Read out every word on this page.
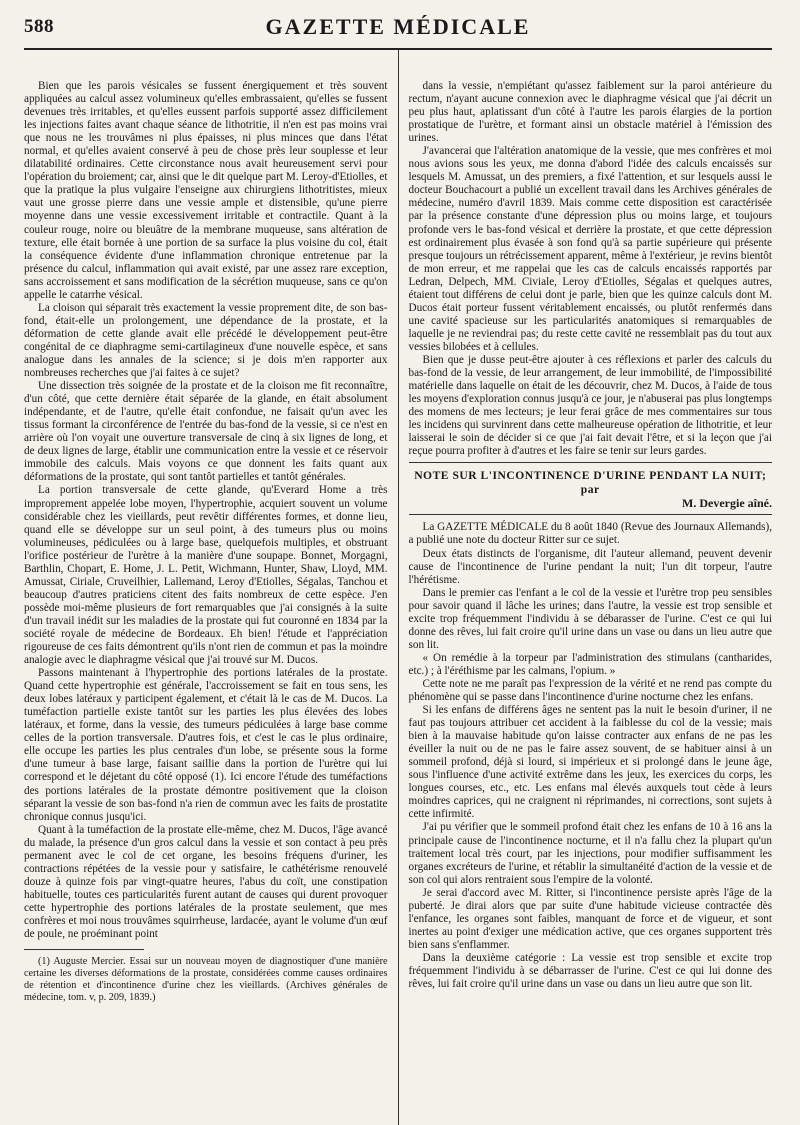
588	GAZETTE MÉDICALE

Bien que les parois vésicales se fussent énergiquement et très souvent appliquées au calcul assez volumineux qu'elles embrassaient, qu'elles se fussent devenues très irritables, et qu'elles eussent parfois supporté assez difficilement les injections faites avant chaque séance de lithotritie, il n'en est pas moins vrai que nous ne les trouvâmes ni plus épaisses, ni plus minces que dans l'état normal, et qu'elles avaient conservé à peu de chose près leur souplesse et leur dilatabilité ordinaires. Cette circonstance nous avait heureusement servi pour l'opération du broiement; car, ainsi que le dit quelque part M. Leroy-d'Etiolles, et que la pratique la plus vulgaire l'enseigne aux chirurgiens lithotritistes, mieux vaut une grosse pierre dans une vessie ample et distensible, qu'une pierre moyenne dans une vessie excessivement irritable et contractile. Quant à la couleur rouge, noire ou bleuâtre de la membrane muqueuse, sans altération de texture, elle était bornée à une portion de sa surface la plus voisine du col, était la conséquence évidente d'une inflammation chronique entretenue par la présence du calcul, inflammation qui avait existé, par une assez rare exception, sans accroissement et sans modification de la sécrétion muqueuse, sans ce qu'on appelle le catarrhe vésical.

La cloison qui séparait très exactement la vessie proprement dite, de son bas-fond, était-elle un prolongement, une dépendance de la prostate, et la déformation de cette glande avait elle précédé le développement peut-être congénital de ce diaphragme semi-cartilagineux d'une nouvelle espèce, et sans analogue dans les annales de la science; si je dois m'en rapporter aux nombreuses recherches que j'ai faites à ce sujet?

Une dissection très soignée de la prostate et de la cloison me fit reconnaître, d'un côté, que cette dernière était séparée de la glande, en était absolument indépendante, et de l'autre, qu'elle était confondue, ne faisait qu'un avec les tissus formant la circonférence de l'entrée du bas-fond de la vessie, si ce n'est en arrière où l'on voyait une ouverture transversale de cinq à six lignes de long, et de deux lignes de large, établir une communication entre la vessie et ce réservoir immobile des calculs. Mais voyons ce que donnent les faits quant aux déformations de la prostate, qui sont tantôt partielles et tantôt générales.

La portion transversale de cette glande, qu'Everard Home a très improprement appelée lobe moyen, l'hypertrophie, acquiert souvent un volume considérable chez les vieillards, peut revêtir différentes formes, et donne lieu, quand elle se développe sur un seul point, à des tumeurs plus ou moins volumineuses, pédiculées ou à large base, quelquefois multiples, et obstruant l'orifice postérieur de l'urètre à la manière d'une soupape. Bonnet, Morgagni, Barthlin, Chopart, E. Home, J. L. Petit, Wichmann, Hunter, Shaw, Lloyd, MM. Amussat, Ciriale, Cruveilhier, Lallemand, Leroy d'Etiolles, Ségalas, Tanchou et beaucoup d'autres praticiens citent des faits nombreux de cette espèce. J'en possède moi-même plusieurs de fort remarquables que j'ai consignés à la suite d'un travail inédit sur les maladies de la prostate qui fut couronné en 1834 par la société royale de médecine de Bordeaux. Eh bien! l'étude et l'appréciation rigoureuse de ces faits démontrent qu'ils n'ont rien de commun et pas la moindre analogie avec le diaphragme vésical que j'ai trouvé sur M. Ducos.

Passons maintenant à l'hypertrophie des portions latérales de la prostate. Quand cette hypertrophie est générale, l'accroissement se fait en tous sens, les deux lobes latéraux y participent également, et c'était là le cas de M. Ducos. La tuméfaction partielle existe tantôt sur les parties les plus élevées des lobes latéraux, et forme, dans la vessie, des tumeurs pédiculées à large base comme celles de la portion transversale. D'autres fois, et c'est le cas le plus ordinaire, elle occupe les parties les plus centrales d'un lobe, se présente sous la forme d'une tumeur à base large, faisant saillie dans la portion de l'urètre qui lui correspond et le déjetant du côté opposé (1). Ici encore l'étude des tuméfactions des portions latérales de la prostate démontre positivement que la cloison séparant la vessie de son bas-fond n'a rien de commun avec les faits de prostatite chronique connus jusqu'ici.

Quant à la tuméfaction de la prostate elle-même, chez M. Ducos, l'âge avancé du malade, la présence d'un gros calcul dans la vessie et son contact à peu près permanent avec le col de cet organe, les besoins fréquens d'uriner, les contractions répétées de la vessie pour y satisfaire, le cathétérisme renouvelé douze à quinze fois par vingt-quatre heures, l'abus du coït, une constipation habituelle, toutes ces particularités furent autant de causes qui durent provoquer cette hypertrophie des portions latérales de la prostate seulement, que mes confrères et moi nous trouvâmes squirrheuse, lardacée, ayant le volume d'un œuf de poule, ne proéminant point

(1) Auguste Mercier. Essai sur un nouveau moyen de diagnostiquer d'une manière certaine les diverses déformations de la prostate, considérées comme causes ordinaires de rétention et d'incontinence d'urine chez les vieillards. (Archives générales de médecine, tom. v, p. 209, 1839.)

dans la vessie, n'empiétant qu'assez faiblement sur la paroi antérieure du rectum, n'ayant aucune connexion avec le diaphragme vésical que j'ai décrit un peu plus haut, aplatissant d'un côté à l'autre les parois élargies de la portion prostatique de l'urètre, et formant ainsi un obstacle matériel à l'émission des urines.

J'avancerai que l'altération anatomique de la vessie, que mes confrères et moi nous avions sous les yeux, me donna d'abord l'idée des calculs encaissés sur lesquels M. Amussat, un des premiers, a fixé l'attention, et sur lesquels aussi le docteur Bouchacourt a publié un excellent travail dans les Archives générales de médecine, numéro d'avril 1839. Mais comme cette disposition est caractérisée par la présence constante d'une dépression plus ou moins large, et toujours profonde vers le bas-fond vésical et derrière la prostate, et que cette dépression est ordinairement plus évasée à son fond qu'à sa partie supérieure qui présente presque toujours un rétrécissement apparent, même à l'extérieur, je revins bientôt de mon erreur, et me rappelai que les cas de calculs encaissés rapportés par Ledran, Delpech, MM. Civiale, Leroy d'Etiolles, Ségalas et quelques autres, étaient tout différens de celui dont je parle, bien que les quinze calculs dont M. Ducos était porteur fussent véritablement encaissés, ou plutôt renfermés dans une cavité spacieuse sur les particularités anatomiques si remarquables de laquelle je ne reviendrai pas; du reste cette cavité ne ressemblait pas du tout aux vessies bilobées et à cellules.

Bien que je dusse peut-être ajouter à ces réflexions et parler des calculs du bas-fond de la vessie, de leur arrangement, de leur immobilité, de l'impossibilité matérielle dans laquelle on était de les découvrir, chez M. Ducos, à l'aide de tous les moyens d'exploration connus jusqu'à ce jour, je n'abuserai pas plus longtemps des momens de mes lecteurs; je leur ferai grâce de mes commentaires sur tous les incidens qui survinrent dans cette malheureuse opération de lithotritie, et leur laisserai le soin de décider si ce que j'ai fait devait l'être, et si la leçon que j'ai reçue pourra profiter à d'autres et les faire se tenir sur leurs gardes.

NOTE SUR L'INCONTINENCE D'URINE PENDANT LA NUIT; par

M. Devergie aîné.

La GAZETTE MÉDICALE du 8 août 1840 (Revue des Journaux Allemands), a publié une note du docteur Ritter sur ce sujet.

Deux états distincts de l'organisme, dit l'auteur allemand, peuvent devenir cause de l'incontinence de l'urine pendant la nuit; l'un dit torpeur, l'autre l'hérétisme.

Dans le premier cas l'enfant a le col de la vessie et l'urètre trop peu sensibles pour savoir quand il lâche les urines; dans l'autre, la vessie est trop sensible et excite trop fréquemment l'individu à se débarasser de l'urine. C'est ce qui lui donne des rêves, lui fait croire qu'il urine dans un vase ou dans un lieu autre que son lit.

« On remédie à la torpeur par l'administration des stimulans (cantharides, etc.) ; à l'éréthisme par les calmans, l'opium. »

Cette note ne me paraît pas l'expression de la vérité et ne rend pas compte du phénomène qui se passe dans l'incontinence d'urine nocturne chez les enfans.

Si les enfans de différens âges ne sentent pas la nuit le besoin d'uriner, il ne faut pas toujours attribuer cet accident à la faiblesse du col de la vessie; mais bien à la mauvaise habitude qu'on laisse contracter aux enfans de ne pas les éveiller la nuit ou de ne pas le faire assez souvent, de se habituer ainsi à un sommeil profond, déjà si lourd, si impérieux et si prolongé dans le jeune âge, sous l'influence d'une activité extrême dans les jeux, les exercices du corps, les longues courses, etc., etc. Les enfans mal élevés auxquels tout cède à leurs moindres caprices, qui ne craignent ni réprimandes, ni corrections, sont sujets à cette infirmité.

J'ai pu vérifier que le sommeil profond était chez les enfans de 10 à 16 ans la principale cause de l'incontinence nocturne, et il n'a fallu chez la plupart qu'un traitement local très court, par les injections, pour modifier suffisamment les organes excréteurs de l'urine, et rétablir la simultanéité d'action de la vessie et de son col qui alors rentraient sous l'empire de la volonté.

Je serai d'accord avec M. Ritter, si l'incontinence persiste après l'âge de la puberté. Je dirai alors que par suite d'une habitude vicieuse contractée dès l'enfance, les organes sont faibles, manquant de force et de vigueur, et sont inertes au point d'exiger une médication active, que ces organes supportent très bien sans s'enflammer.

Dans la deuxième catégorie : La vessie est trop sensible et excite trop fréquemment l'individu à se débarrasser de l'urine. C'est ce qui lui donne des rêves, lui fait croire qu'il urine dans un vase ou dans un lieu autre que son lit.
